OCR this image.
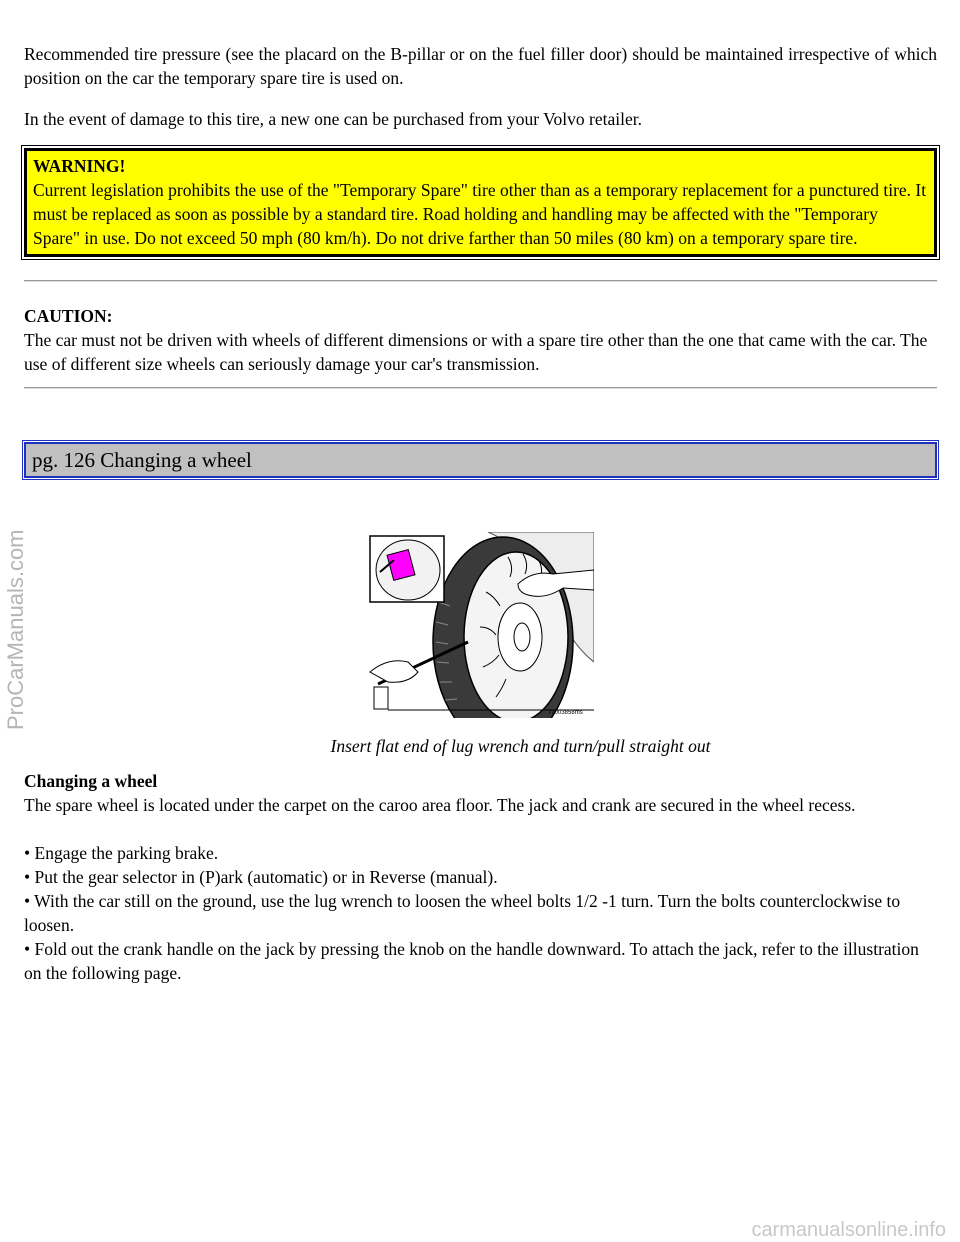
Recommended tire pressure (see the placard on the B-pillar or on the fuel filler door) should be maintained irrespective of which position on the car the temporary spare tire is used on.

In the event of damage to this tire, a new one can be purchased from your Volvo retailer.

WARNING!
Current legislation prohibits the use of the "Temporary Spare" tire other than as a temporary replacement for a punctured tire. It must be replaced as soon as possible by a standard tire. Road holding and handling may be affected with the "Temporary Spare" in use. Do not exceed 50 mph (80 km/h). Do not drive farther than 50 miles (80 km) on a temporary spare tire.
CAUTION:
The car must not be driven with wheels of different dimensions or with a spare tire other than the one that came with the car. The use of different size wheels can seriously damage your car's transmission.
pg. 126 Changing a wheel
77003858ms

Insert flat end of lug wrench and turn/pull straight out

Changing a wheel

The spare wheel is located under the carpet on the caroo area floor. The jack and crank are secured in the wheel recess.

• Engage the parking brake.
• Put the gear selector in (P)ark (automatic) or in Reverse (manual).
• With the car still on the ground, use the lug wrench to loosen the wheel bolts 1/2 -1 turn. Turn the bolts counterclockwise to loosen.
• Fold out the crank handle on the jack by pressing the knob on the handle downward. To attach the jack, refer to the illustration on the following page.
ProCarManuals.com
carmanualsonline.info
